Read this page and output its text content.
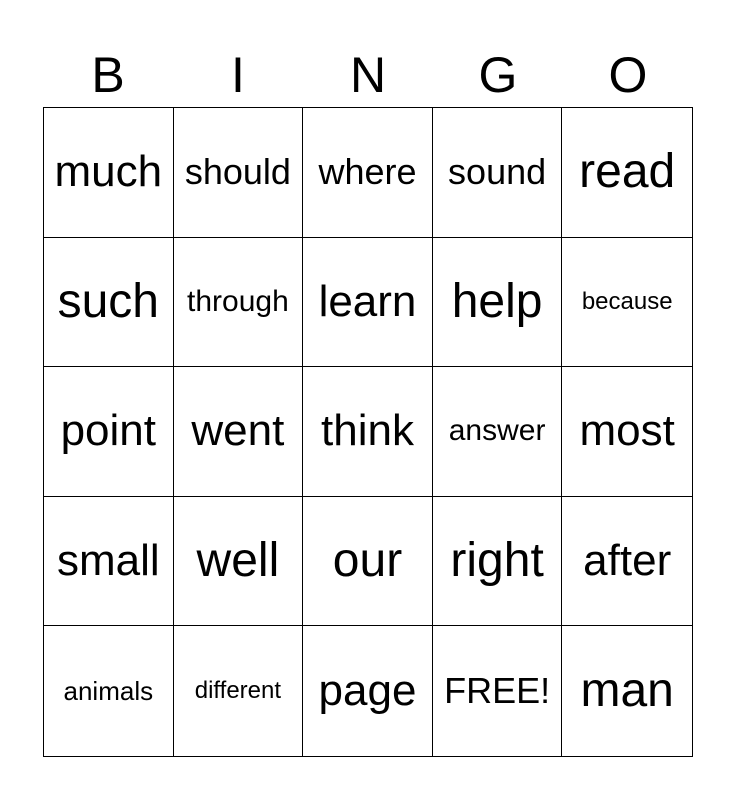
B	I	N	G	O
much should where sound read
such through learn help	because
point went think	answer most
small well	our	right after
animals	different page FREE! man
